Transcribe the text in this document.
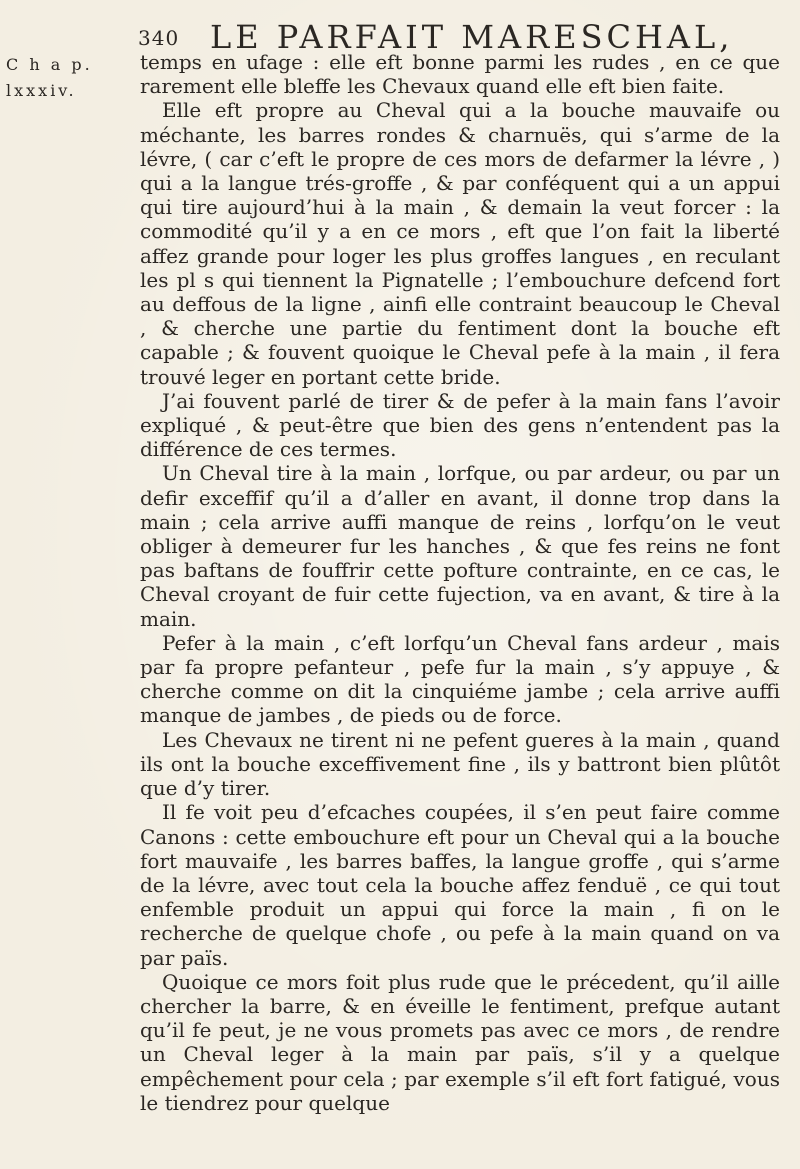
340 LE PARFAIT MARESCHAL,
C h a p.
lxxxiv.

temps en ufage : elle eft bonne parmi les rudes , en ce que rarement elle bleffe les Chevaux quand elle eft bien faite.

Elle eft propre au Cheval qui a la bouche mauvaife ou méchante, les barres rondes & charnuës, qui s’arme de la lévre, ( car c’eft le propre de ces mors de defarmer la lévre , ) qui a la langue trés-groffe , & par conféquent qui a un appui qui tire aujourd’hui à la main , & demain la veut forcer : la commodité qu’il y a en ce mors , eft que l’on fait la liberté affez grande pour loger les plus groffes langues , en reculant les pl s qui tiennent la Pignatelle ; l’embouchure defcend fort au deffous de la ligne , ainfi elle contraint beaucoup le Cheval , & cherche une partie du fentiment dont la bouche eft capable ; & fouvent quoique le Cheval pefe à la main , il fera trouvé leger en portant cette bride.

J’ai fouvent parlé de tirer & de pefer à la main fans l’avoir expliqué , & peut-être que bien des gens n’entendent pas la différence de ces termes.

Un Cheval tire à la main , lorfque, ou par ardeur, ou par un defir exceffif qu’il a d’aller en avant, il donne trop dans la main ; cela arrive auffi manque de reins , lorfqu’on le veut obliger à demeurer fur les hanches , & que fes reins ne font pas baftans de fouffrir cette pofture contrainte, en ce cas, le Cheval croyant de fuir cette fujection, va en avant, & tire à la main.

Pefer à la main , c’eft lorfqu’un Cheval fans ardeur , mais par fa propre pefanteur , pefe fur la main , s’y appuye , & cherche comme on dit la cinquiéme jambe ; cela arrive auffi manque de jambes , de pieds ou de force.

Les Chevaux ne tirent ni ne pefent gueres à la main , quand ils ont la bouche exceffivement fine , ils y battront bien plûtôt que d’y tirer.

Il fe voit peu d’efcaches coupées, il s’en peut faire comme Canons : cette embouchure eft pour un Cheval qui a la bouche fort mauvaife , les barres baffes, la langue groffe , qui s’arme de la lévre, avec tout cela la bouche affez fenduë , ce qui tout enfemble produit un appui qui force la main , fi on le recherche de quelque chofe , ou pefe à la main quand on va par païs.

Quoique ce mors foit plus rude que le précedent, qu’il aille chercher la barre, & en éveille le fentiment, prefque autant qu’il fe peut, je ne vous promets pas avec ce mors , de rendre un Cheval leger à la main par païs, s’il y a quelque empêchement pour cela ; par exemple s’il eft fort fatigué, vous le tiendrez pour quelque
